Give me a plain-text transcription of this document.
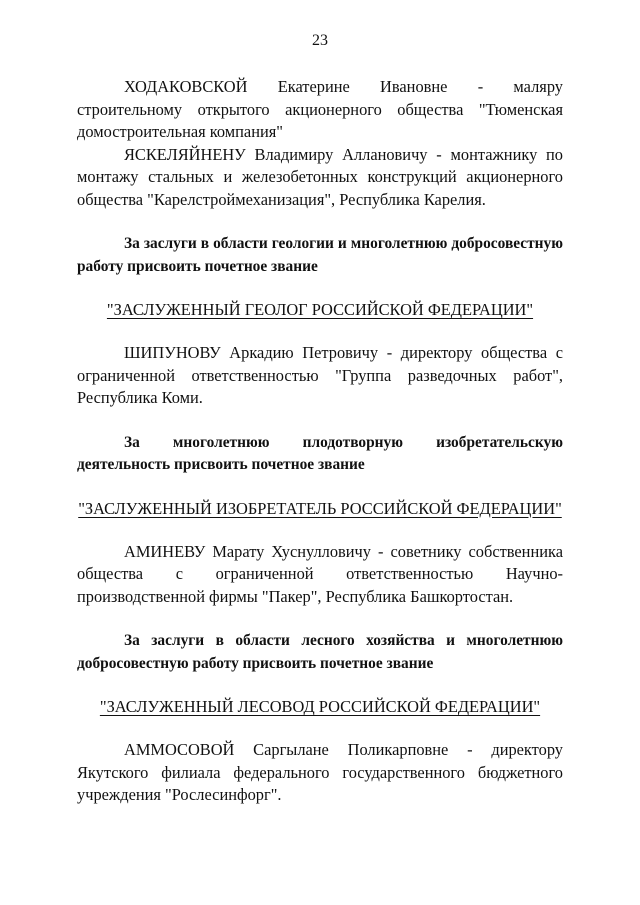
23

ХОДАКОВСКОЙ Екатерине Ивановне - маляру строительному открытого акционерного общества "Тюменская домостроительная компания"

ЯСКЕЛЯЙНЕНУ Владимиру Аллановичу - монтажнику по монтажу стальных и железобетонных конструкций акционерного общества "Карелстроймеханизация", Республика Карелия.

За заслуги в области геологии и многолетнюю добросовестную работу присвоить почетное звание

"ЗАСЛУЖЕННЫЙ ГЕОЛОГ РОССИЙСКОЙ ФЕДЕРАЦИИ"

ШИПУНОВУ Аркадию Петровичу - директору общества с ограниченной ответственностью "Группа разведочных работ", Республика Коми.

За многолетнюю плодотворную изобретательскую деятельность присвоить почетное звание

"ЗАСЛУЖЕННЫЙ ИЗОБРЕТАТЕЛЬ РОССИЙСКОЙ ФЕДЕРАЦИИ"

АМИНЕВУ Марату Хуснулловичу - советнику собственника общества с ограниченной ответственностью Научно-производственной фирмы "Пакер", Республика Башкортостан.

За заслуги в области лесного хозяйства и многолетнюю добросовестную работу присвоить почетное звание

"ЗАСЛУЖЕННЫЙ ЛЕСОВОД РОССИЙСКОЙ ФЕДЕРАЦИИ"

АММОСОВОЙ Саргылане Поликарповне - директору Якутского филиала федерального государственного бюджетного учреждения "Рослесинфорг".
